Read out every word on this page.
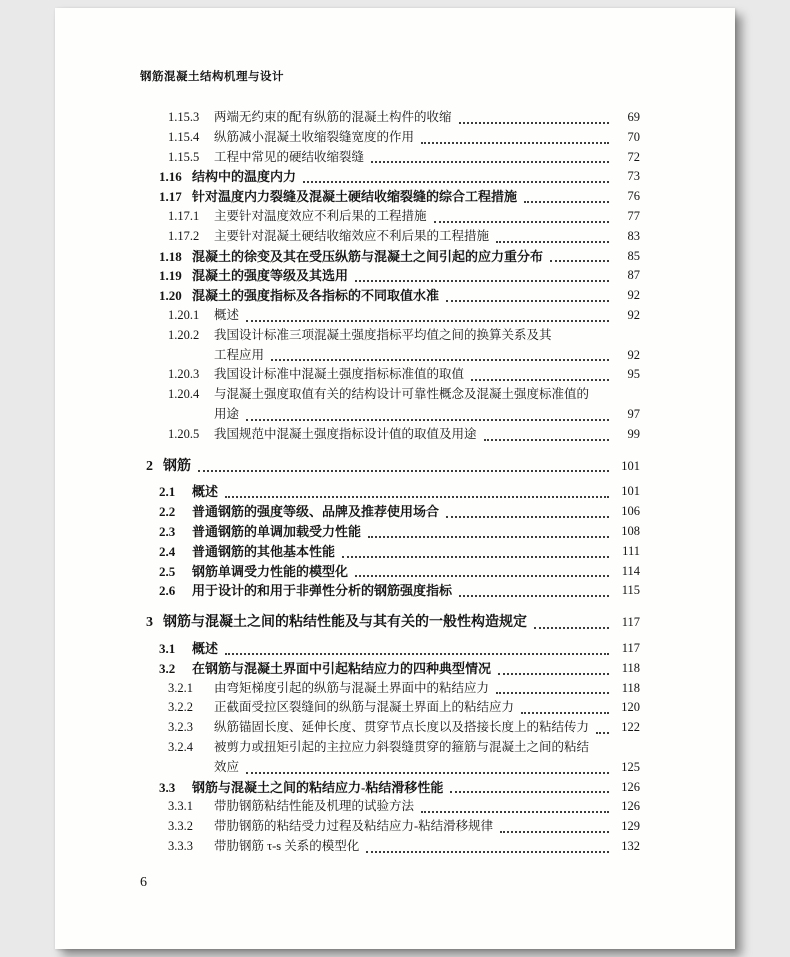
钢筋混凝土结构机理与设计
1.15.3	两端无约束的配有纵筋的混凝土构件的收缩	69
1.15.4	纵筋减小混凝土收缩裂缝宽度的作用	70
1.15.5	工程中常见的硬结收缩裂缝	72
1.16 结构中的温度内力	73
1.17 针对温度内力裂缝及混凝土硬结收缩裂缝的综合工程措施	76
1.17.1	主要针对温度效应不利后果的工程措施	77
1.17.2	主要针对混凝土硬结收缩效应不利后果的工程措施	83
1.18 混凝土的徐变及其在受压纵筋与混凝土之间引起的应力重分布	85
1.19 混凝土的强度等级及其选用	87
1.20 混凝土的强度指标及各指标的不同取值水准	92
1.20.1	概述	92
1.20.2	我国设计标准三项混凝土强度指标平均值之间的换算关系及其
工程应用	92
1.20.3	我国设计标准中混凝土强度指标标准值的取值	95
1.20.4	与混凝土强度取值有关的结构设计可靠性概念及混凝土强度标准值的
用途	97
1.20.5	我国规范中混凝土强度指标设计值的取值及用途	99
2 钢筋	101
2.1	概述	101
2.2	普通钢筋的强度等级、品牌及推荐使用场合	106
2.3	普通钢筋的单调加载受力性能	108
2.4	普通钢筋的其他基本性能	111
2.5	钢筋单调受力性能的模型化	114
2.6	用于设计的和用于非弹性分析的钢筋强度指标	115
3 钢筋与混凝土之间的粘结性能及与其有关的一般性构造规定	117
3.1	概述	117
3.2	在钢筋与混凝土界面中引起粘结应力的四种典型情况	118
3.2.1	由弯矩梯度引起的纵筋与混凝土界面中的粘结应力	118
3.2.2	正截面受拉区裂缝间的纵筋与混凝土界面上的粘结应力	120
3.2.3	纵筋锚固长度、延伸长度、贯穿节点长度以及搭接长度上的粘结传力	122
3.2.4	被剪力或扭矩引起的主拉应力斜裂缝贯穿的箍筋与混凝土之间的粘结
效应	125
3.3	钢筋与混凝土之间的粘结应力-粘结滑移性能	126
3.3.1	带肋钢筋粘结性能及机理的试验方法	126
3.3.2	带肋钢筋的粘结受力过程及粘结应力-粘结滑移规律	129
3.3.3	带肋钢筋 τ-s 关系的模型化	132
6
